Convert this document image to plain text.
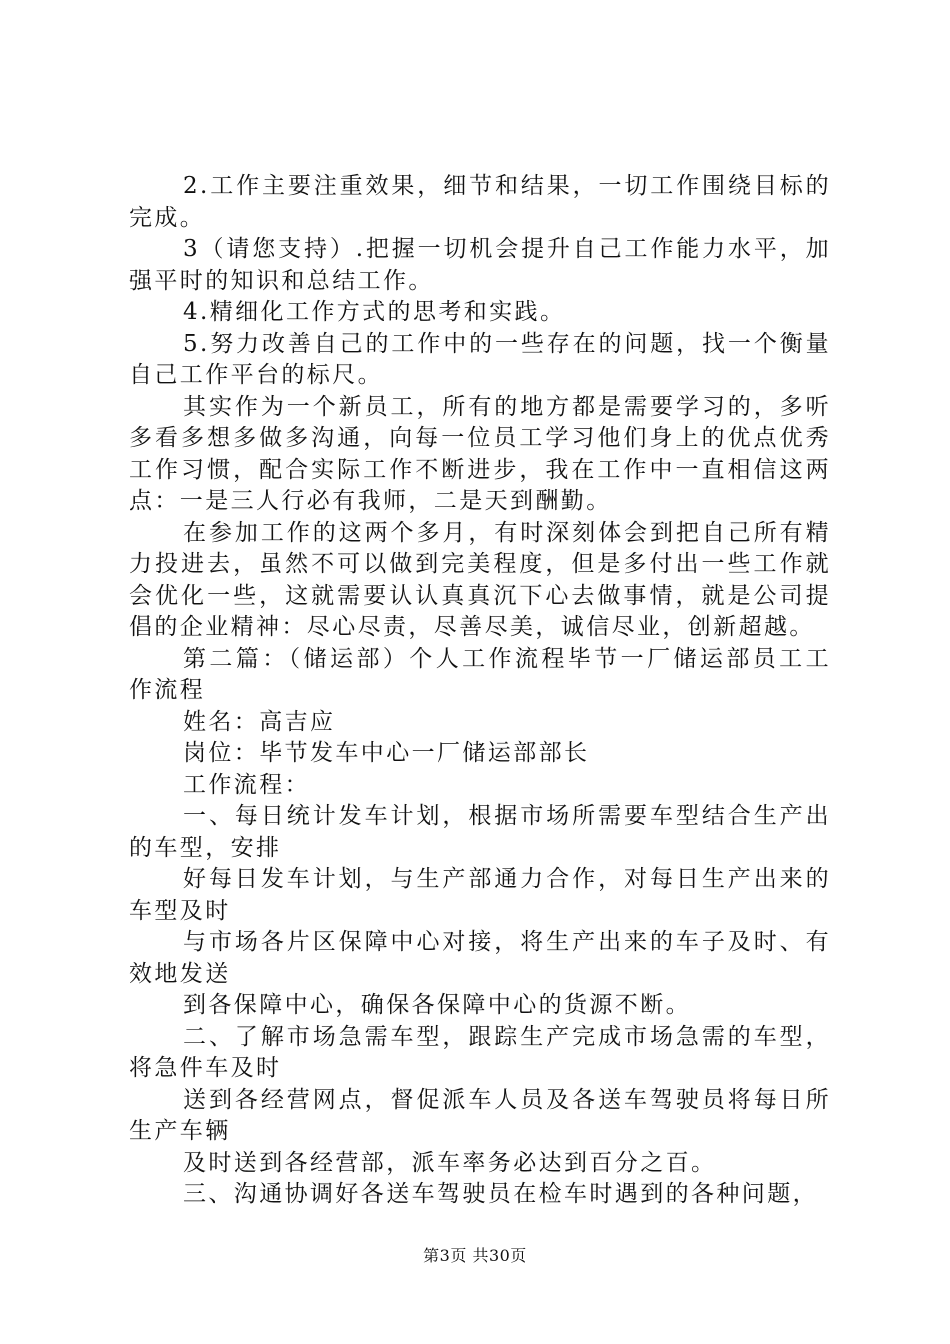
2.工作主要注重效果，细节和结果，一切工作围绕目标的完成。

3（请您支持）.把握一切机会提升自己工作能力水平，加强平时的知识和总结工作。

4.精细化工作方式的思考和实践。

5.努力改善自己的工作中的一些存在的问题，找一个衡量自己工作平台的标尺。

其实作为一个新员工，所有的地方都是需要学习的，多听多看多想多做多沟通，向每一位员工学习他们身上的优点优秀工作习惯，配合实际工作不断进步，我在工作中一直相信这两点：一是三人行必有我师，二是天到酬勤。

在参加工作的这两个多月，有时深刻体会到把自己所有精力投进去，虽然不可以做到完美程度，但是多付出一些工作就会优化一些，这就需要认认真真沉下心去做事情，就是公司提倡的企业精神：尽心尽责，尽善尽美，诚信尽业，创新超越。

第二篇：（储运部）个人工作流程毕节一厂储运部员工工作流程

姓名：高吉应

岗位：毕节发车中心一厂储运部部长

工作流程：

一、每日统计发车计划，根据市场所需要车型结合生产出的车型，安排

好每日发车计划，与生产部通力合作，对每日生产出来的车型及时

与市场各片区保障中心对接，将生产出来的车子及时、有效地发送

到各保障中心，确保各保障中心的货源不断。

二、了解市场急需车型，跟踪生产完成市场急需的车型，将急件车及时

送到各经营网点，督促派车人员及各送车驾驶员将每日所生产车辆

及时送到各经营部，派车率务必达到百分之百。

三、沟通协调好各送车驾驶员在检车时遇到的各种问题，

第3页 共30页
